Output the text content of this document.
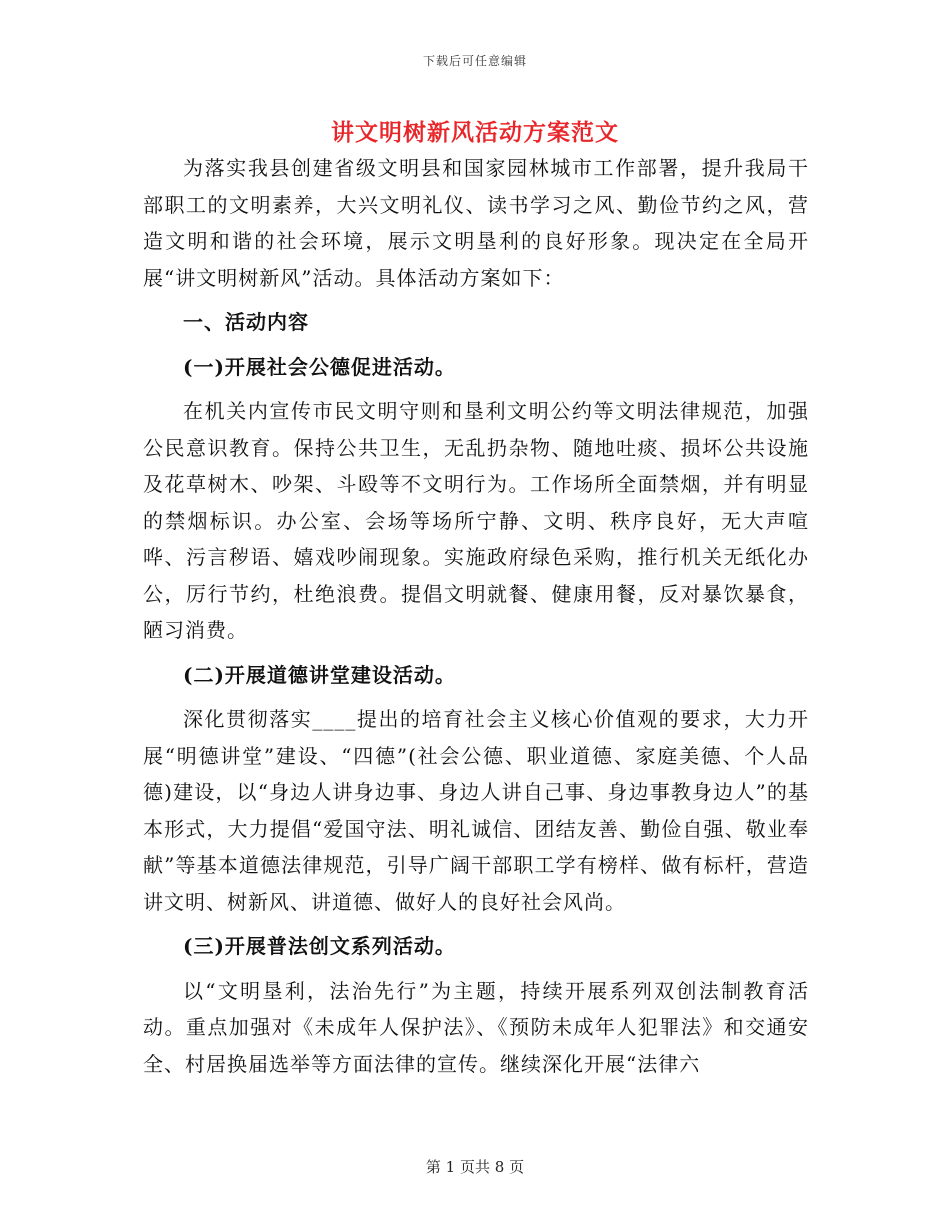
下载后可任意编辑
讲文明树新风活动方案范文

为落实我县创建省级文明县和国家园林城市工作部署，提升我局干部职工的文明素养，大兴文明礼仪、读书学习之风、勤俭节约之风，营造文明和谐的社会环境，展示文明垦利的良好形象。现决定在全局开展“讲文明树新风”活动。具体活动方案如下：

一、活动内容
(一)开展社会公德促进活动。

在机关内宣传市民文明守则和垦利文明公约等文明法律规范，加强公民意识教育。保持公共卫生，无乱扔杂物、随地吐痰、损坏公共设施及花草树木、吵架、斗殴等不文明行为。工作场所全面禁烟，并有明显的禁烟标识。办公室、会场等场所宁静、文明、秩序良好，无大声喧哗、污言秽语、嬉戏吵闹现象。实施政府绿色采购，推行机关无纸化办公，厉行节约，杜绝浪费。提倡文明就餐、健康用餐，反对暴饮暴食，陋习消费。

(二)开展道德讲堂建设活动。

深化贯彻落实____提出的培育社会主义核心价值观的要求，大力开展“明德讲堂”建设、“四德”(社会公德、职业道德、家庭美德、个人品德)建设，以“身边人讲身边事、身边人讲自己事、身边事教身边人”的基本形式，大力提倡“爱国守法、明礼诚信、团结友善、勤俭自强、敬业奉献”等基本道德法律规范，引导广阔干部职工学有榜样、做有标杆，营造讲文明、树新风、讲道德、做好人的良好社会风尚。

(三)开展普法创文系列活动。

以“文明垦利，法治先行”为主题，持续开展系列双创法制教育活动。重点加强对《未成年人保护法》、《预防未成年人犯罪法》和交通安全、村居换届选举等方面法律的宣传。继续深化开展“法律六

第 1 页共 8 页
